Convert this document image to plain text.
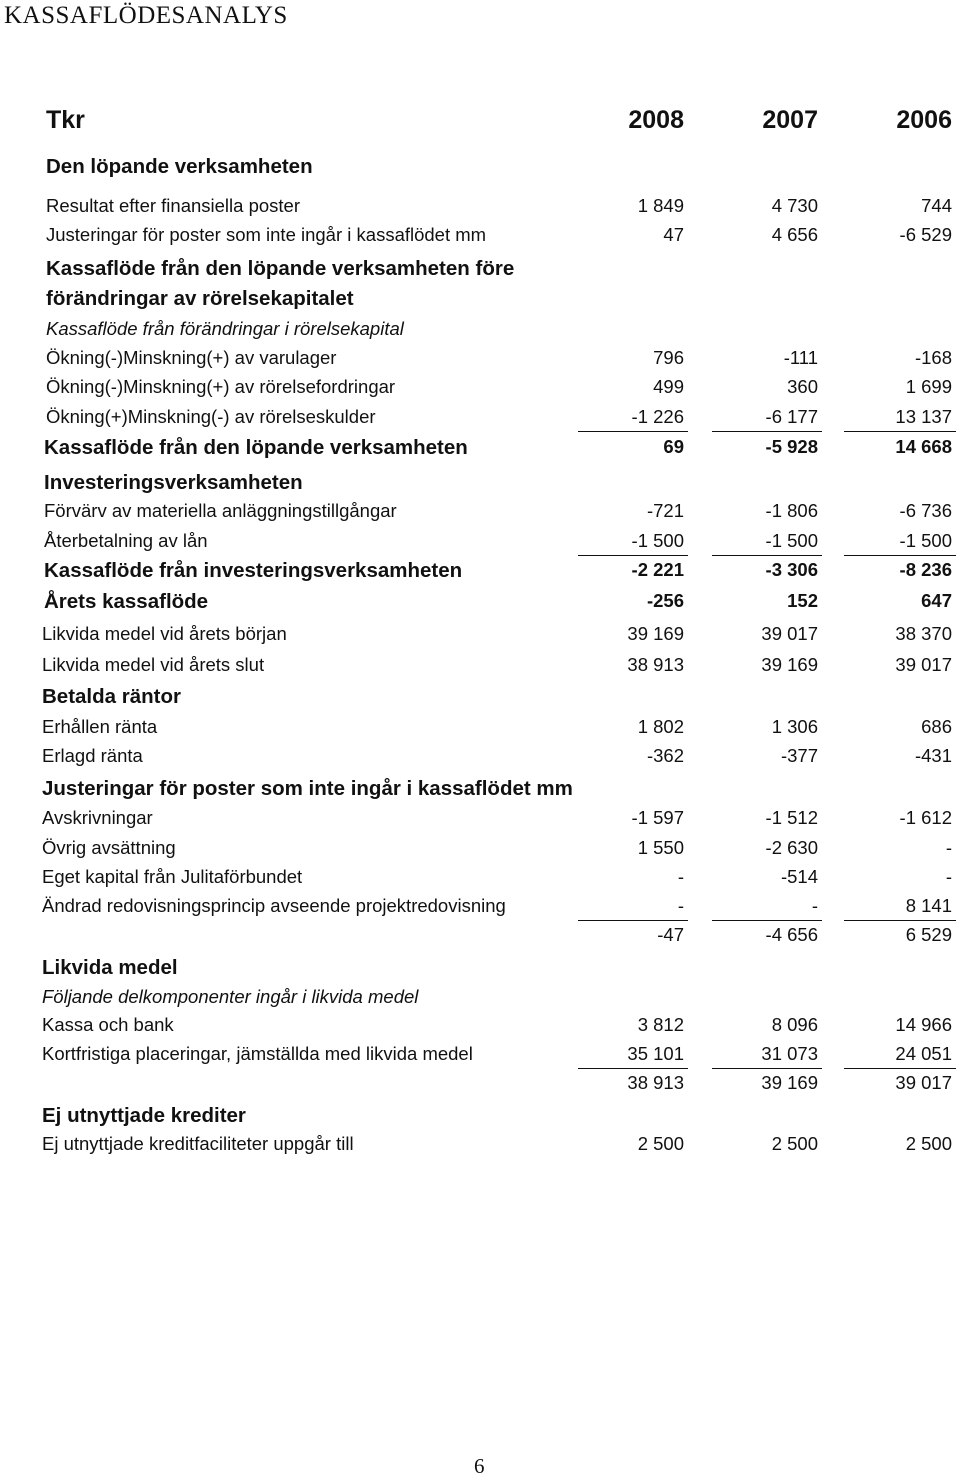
KASSAFLÖDESANALYS
Tkr	2008	2007	2006
Den löpande verksamheten
Resultat efter finansiella poster	1 849	4 730	744
Justeringar för poster som inte ingår i kassaflödet mm	47	4 656	-6 529
Kassaflöde från den löpande verksamheten före
förändringar av rörelsekapitalet
Kassaflöde från förändringar i rörelsekapital
Ökning(-)Minskning(+) av varulager	796	-111	-168
Ökning(-)Minskning(+) av rörelsefordringar	499	360	1 699
Ökning(+)Minskning(-) av rörelseskulder	-1 226	-6 177	13 137
Kassaflöde från den löpande verksamheten	69	-5 928	14 668
Investeringsverksamheten
Förvärv av materiella anläggningstillgångar	-721	-1 806	-6 736
Återbetalning av lån	-1 500	-1 500	-1 500
Kassaflöde från investeringsverksamheten	-2 221	-3 306	-8 236
Årets kassaflöde	-256	152	647
Likvida medel vid årets början	39 169	39 017	38 370
Likvida medel vid årets slut	38 913	39 169	39 017
Betalda räntor
Erhållen ränta	1 802	1 306	686
Erlagd ränta	-362	-377	-431
Justeringar för poster som inte ingår i kassaflödet mm
Avskrivningar	-1 597	-1 512	-1 612
Övrig avsättning	1 550	-2 630	-
Eget kapital från Julitaförbundet	-	-514	-
Ändrad redovisningsprincip avseende projektredovisning	-	-	8 141
-47	-4 656	6 529
Likvida medel
Följande delkomponenter ingår i likvida medel
Kassa och bank	3 812	8 096	14 966
Kortfristiga placeringar, jämställda med likvida medel	35 101	31 073	24 051
38 913	39 169	39 017
Ej utnyttjade krediter
Ej utnyttjade kreditfaciliteter uppgår till	2 500	2 500	2 500
6
